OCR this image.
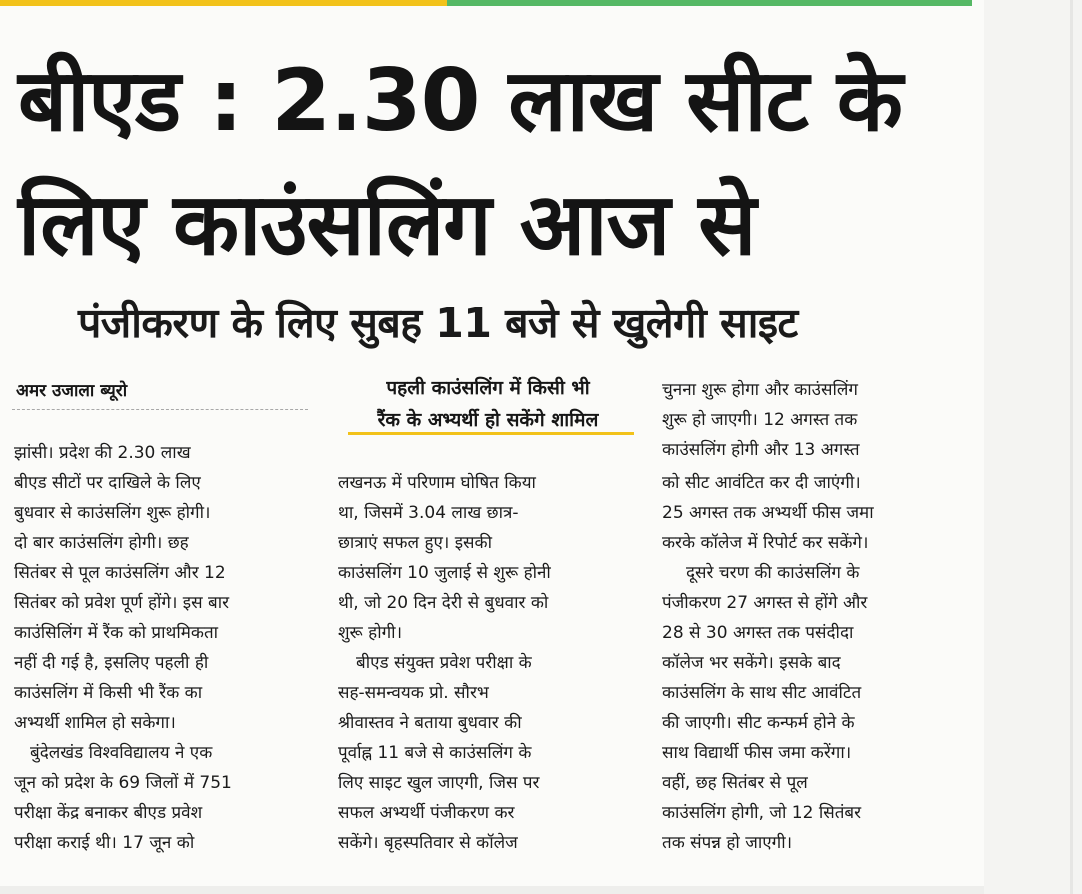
बीएड : 2.30 लाख सीट के
लिए काउंसलिंग आज से
पंजीकरण के लिए सुबह 11 बजे से खुलेगी साइट
अमर उजाला ब्यूरो	पहली काउंसलिंग में किसी भी
रैंक के अभ्यर्थी हो सकेंगे शामिल
झांसी। प्रदेश की 2.30 लाख
बीएड सीटों पर दाखिले के लिए
बुधवार से काउंसलिंग शुरू होगी।
दो बार काउंसलिंग होगी। छह
सितंबर से पूल काउंसलिंग और 12
सितंबर को प्रवेश पूर्ण होंगे। इस बार
काउंसिलिंग में रैंक को प्राथमिकता
नहीं दी गई है, इसलिए पहली ही
काउंसलिंग में किसी भी रैंक का
अभ्यर्थी शामिल हो सकेगा।
बुंदेलखंड विश्वविद्यालय ने एक
जून को प्रदेश के 69 जिलों में 751
परीक्षा केंद्र बनाकर बीएड प्रवेश
परीक्षा कराई थी। 17 जून को
लखनऊ में परिणाम घोषित किया
था, जिसमें 3.04 लाख छात्र-
छात्राएं सफल हुए। इसकी
काउंसलिंग 10 जुलाई से शुरू होनी
थी, जो 20 दिन देरी से बुधवार को
शुरू होगी।
बीएड संयुक्त प्रवेश परीक्षा के
सह-समन्वयक प्रो. सौरभ
श्रीवास्तव ने बताया बुधवार की
पूर्वाह्न 11 बजे से काउंसलिंग के
लिए साइट खुल जाएगी, जिस पर
सफल अभ्यर्थी पंजीकरण कर
सकेंगे। बृहस्पतिवार से कॉलेज
चुनना शुरू होगा और काउंसलिंग
शुरू हो जाएगी। 12 अगस्त तक
काउंसलिंग होगी और 13 अगस्त
को सीट आवंटित कर दी जाएंगी।
25 अगस्त तक अभ्यर्थी फीस जमा
करके कॉलेज में रिपोर्ट कर सकेंगे।
दूसरे चरण की काउंसलिंग के
पंजीकरण 27 अगस्त से होंगे और
28 से 30 अगस्त तक पसंदीदा
कॉलेज भर सकेंगे। इसके बाद
काउंसलिंग के साथ सीट आवंटित
की जाएगी। सीट कन्फर्म होने के
साथ विद्यार्थी फीस जमा करेंगा।
वहीं, छह सितंबर से पूल
काउंसलिंग होगी, जो 12 सितंबर
तक संपन्न हो जाएगी।
